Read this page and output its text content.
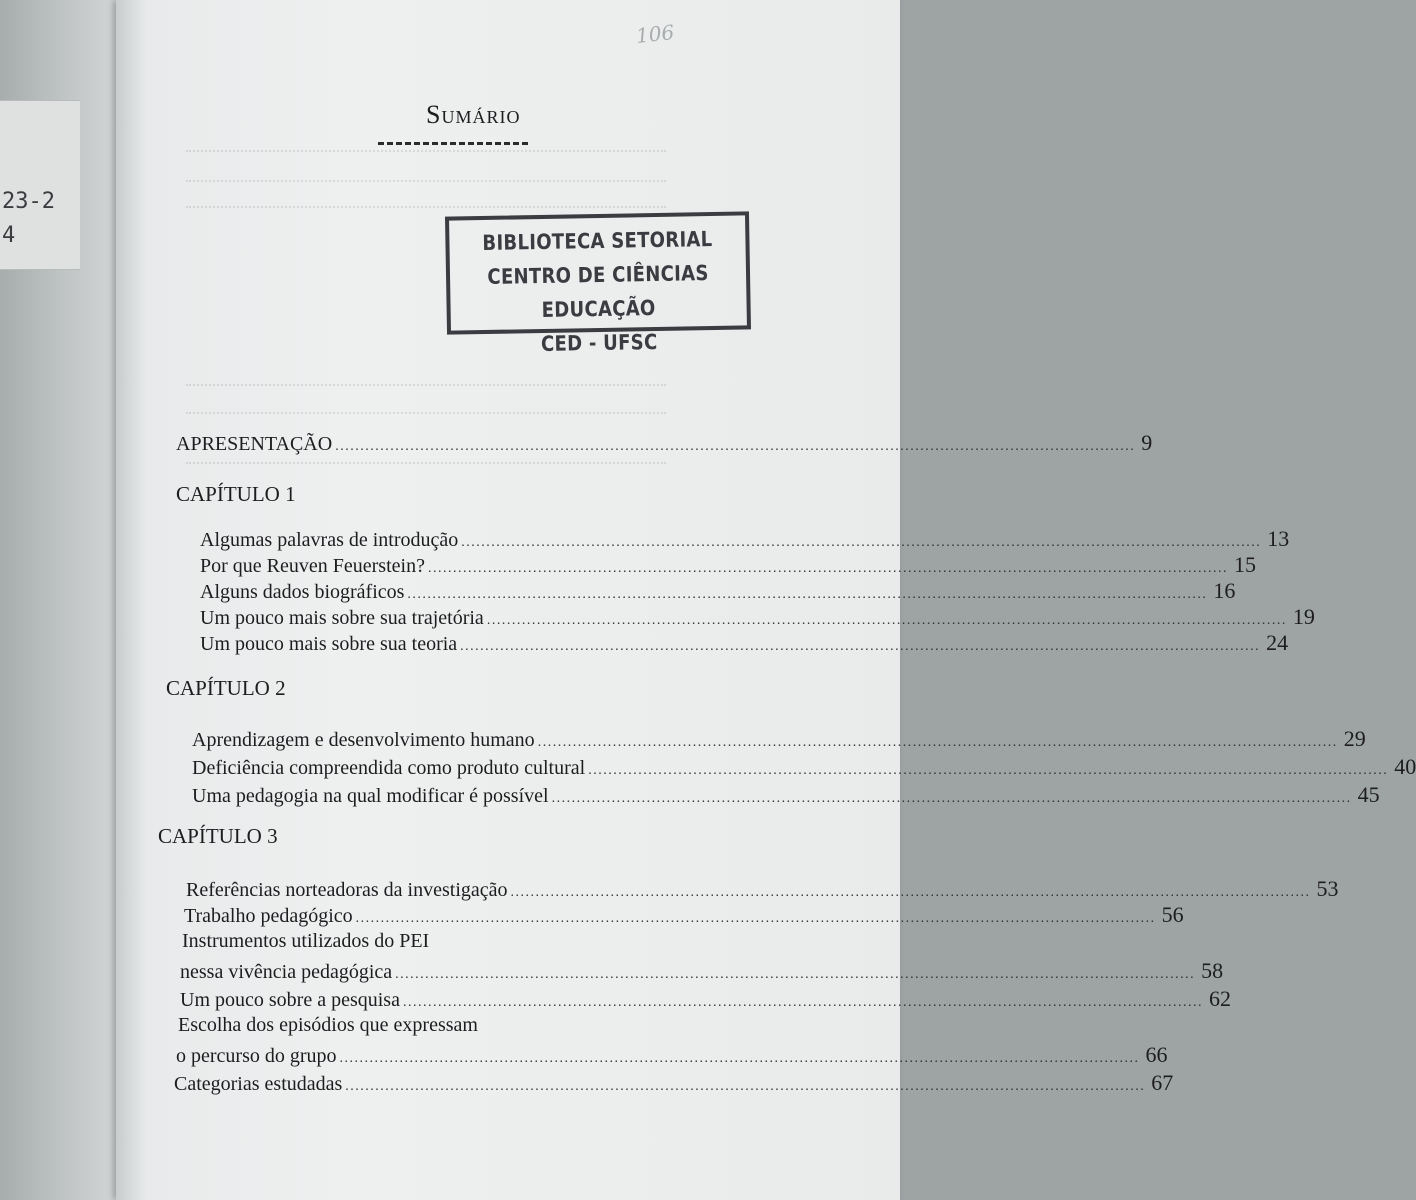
23-2
4
106
Sumário
BIBLIOTECA SETORIAL
CENTRO DE CIÊNCIAS EDUCAÇÃO
CED - UFSC
APRESENTAÇÃO ................................................................................................................................................................ 9
CAPÍTULO 1
Algumas palavras de introdução ................................................................................................................................................................ 13
Por que Reuven Feuerstein? ................................................................................................................................................................ 15
Alguns dados biográficos ................................................................................................................................................................ 16
Um pouco mais sobre sua trajetória ................................................................................................................................................................ 19
Um pouco mais sobre sua teoria ................................................................................................................................................................ 24
CAPÍTULO 2
Aprendizagem e desenvolvimento humano ................................................................................................................................................................ 29
Deficiência compreendida como produto cultural ................................................................................................................................................................ 40
Uma pedagogia na qual modificar é possível ................................................................................................................................................................ 45
CAPÍTULO 3
Referências norteadoras da investigação ................................................................................................................................................................ 53
Trabalho pedagógico ................................................................................................................................................................ 56
Instrumentos utilizados do PEI
nessa vivência pedagógica ................................................................................................................................................................ 58
Um pouco sobre a pesquisa ................................................................................................................................................................ 62
Escolha dos episódios que expressam
o percurso do grupo ................................................................................................................................................................ 66
Categorias estudadas ................................................................................................................................................................ 67
